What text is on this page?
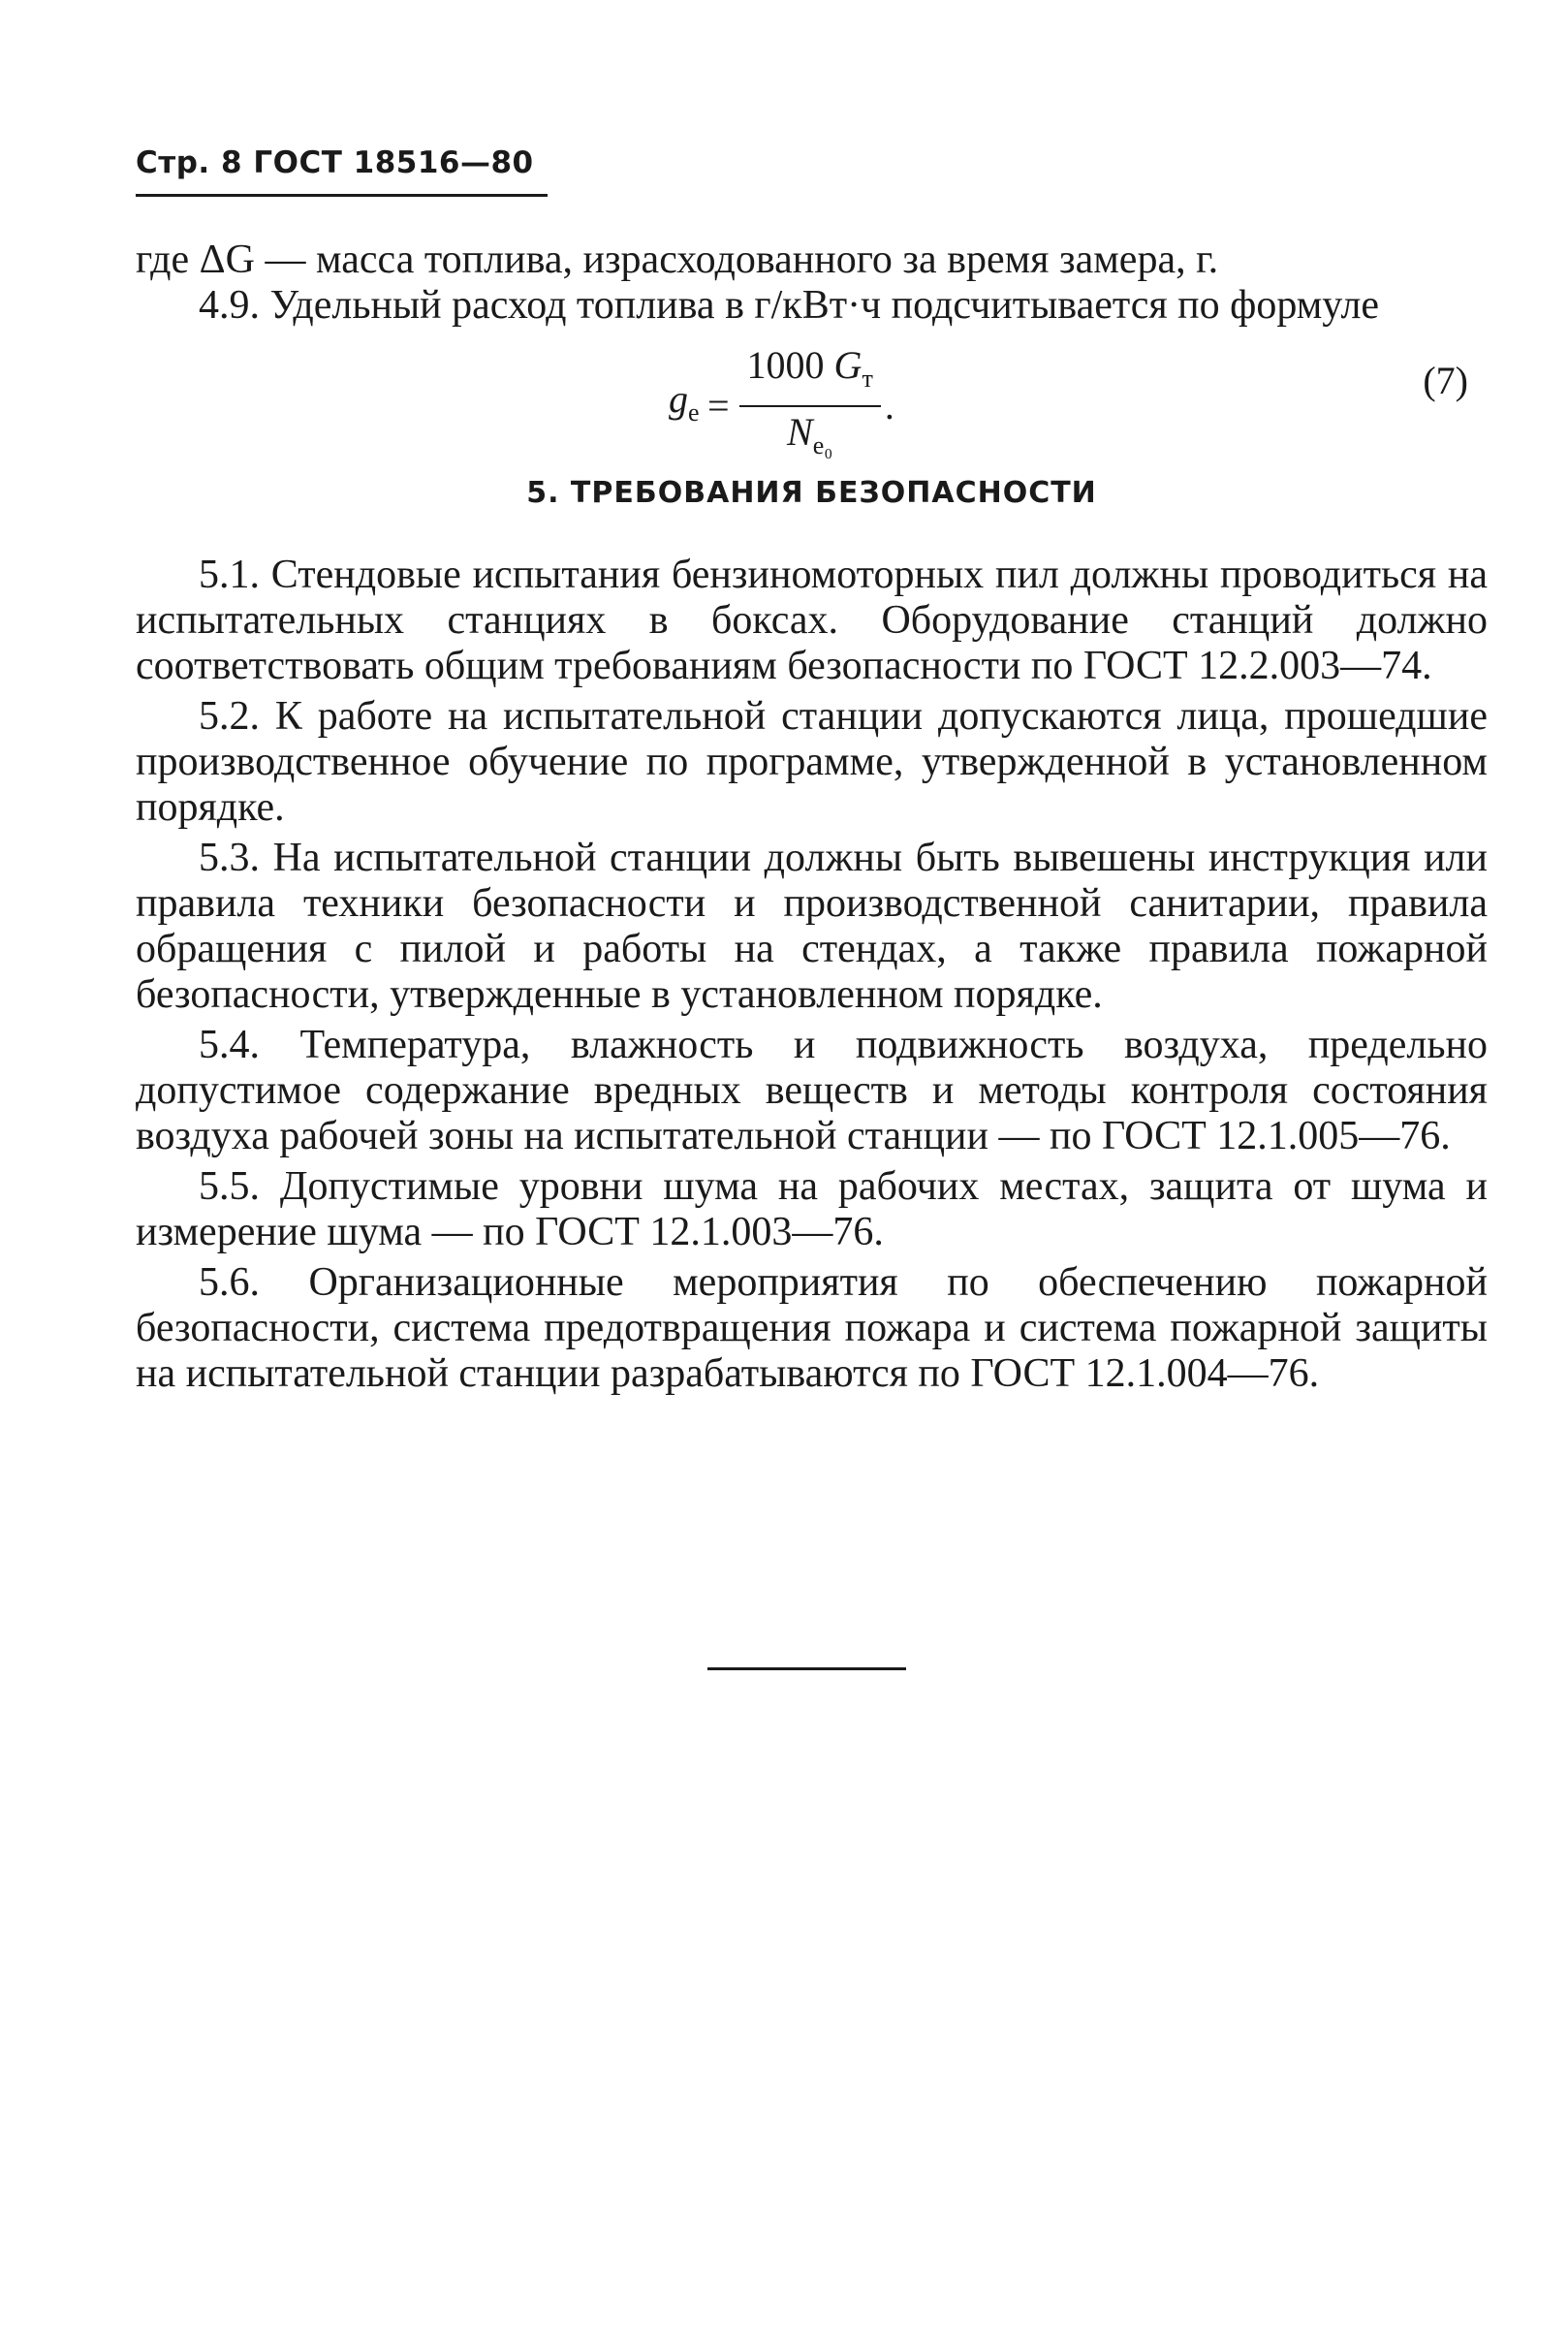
Стр. 8 ГОСТ 18516—80

где ΔG — масса топлива, израсходованного за время замера, г.

4.9. Удельный расход топлива в г/кВт·ч подсчитывается по формуле

$g_e = \frac{1000 G_т}{N_{e_0}}$ .
(7)
5. ТРЕБОВАНИЯ БЕЗОПАСНОСТИ

5.1. Стендовые испытания бензиномоторных пил должны проводиться на испытательных станциях в боксах. Оборудование станций должно соответствовать общим требованиям безопасности по ГОСТ 12.2.003—74.

5.2. К работе на испытательной станции допускаются лица, прошедшие производственное обучение по программе, утвержденной в установленном порядке.

5.3. На испытательной станции должны быть вывешены инструкция или правила техники безопасности и производственной санитарии, правила обращения с пилой и работы на стендах, а также правила пожарной безопасности, утвержденные в установленном порядке.

5.4. Температура, влажность и подвижность воздуха, предельно допустимое содержание вредных веществ и методы контроля состояния воздуха рабочей зоны на испытательной станции — по ГОСТ 12.1.005—76.

5.5. Допустимые уровни шума на рабочих местах, защита от шума и измерение шума — по ГОСТ 12.1.003—76.

5.6. Организационные мероприятия по обеспечению пожарной безопасности, система предотвращения пожара и система пожарной защиты на испытательной станции разрабатываются по ГОСТ 12.1.004—76.
